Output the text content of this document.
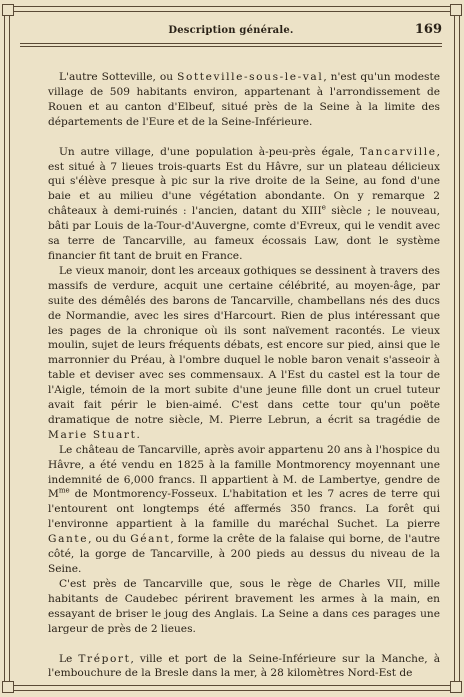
Description générale.	169

L'autre Sotteville, ou Sotteville-sous-le-val, n'est qu'un modeste village de 509 habitants environ, appartenant à l'arrondissement de Rouen et au canton d'Elbeuf, situé près de la Seine à la limite des départements de l'Eure et de la Seine-Inférieure.

Un autre village, d'une population à-peu-près égale, Tancarville, est situé à 7 lieues trois-quarts Est du Hâvre, sur un plateau délicieux qui s'élève presque à pic sur la rive droite de la Seine, au fond d'une baie et au milieu d'une végétation abondante. On y remarque 2 châteaux à demi-ruinés : l'ancien, datant du XIIIe siècle ; le nouveau, bâti par Louis de la-Tour-d'Auvergne, comte d'Evreux, qui le vendit avec sa terre de Tancarville, au fameux écossais Law, dont le système financier fit tant de bruit en France.

Le vieux manoir, dont les arceaux gothiques se dessinent à travers des massifs de verdure, acquit une certaine célébrité, au moyen-âge, par suite des démêlés des barons de Tancarville, chambellans nés des ducs de Normandie, avec les sires d'Harcourt. Rien de plus intéressant que les pages de la chronique où ils sont naïvement racontés. Le vieux moulin, sujet de leurs fréquents débats, est encore sur pied, ainsi que le marronnier du Préau, à l'ombre duquel le noble baron venait s'asseoir à table et deviser avec ses commensaux. A l'Est du castel est la tour de l'Aigle, témoin de la mort subite d'une jeune fille dont un cruel tuteur avait fait périr le bien-aimé. C'est dans cette tour qu'un poëte dramatique de notre siècle, M. Pierre Lebrun, a écrit sa tragédie de Marie Stuart.

Le château de Tancarville, après avoir appartenu 20 ans à l'hospice du Hâvre, a été vendu en 1825 à la famille Montmorency moyennant une indemnité de 6,000 francs. Il appartient à M. de Lambertye, gendre de $M^{me}$ de Montmorency-Fosseux. L'habitation et les 7 acres de terre qui l'entourent ont longtemps été affermés 350 francs. La forêt qui l'environne appartient à la famille du maréchal Suchet. La pierre Gante, ou du Géant, forme la crête de la falaise qui borne, de l'autre côté, la gorge de Tancarville, à 200 pieds au dessus du niveau de la Seine.

C'est près de Tancarville que, sous le rège de Charles VII, mille habitants de Caudebec périrent bravement les armes à la main, en essayant de briser le joug des Anglais. La Seine a dans ces parages une largeur de près de 2 lieues.

Le Tréport, ville et port de la Seine-Inférieure sur la Manche, à l'embouchure de la Bresle dans la mer, à 28 kilomètres Nord-Est de
